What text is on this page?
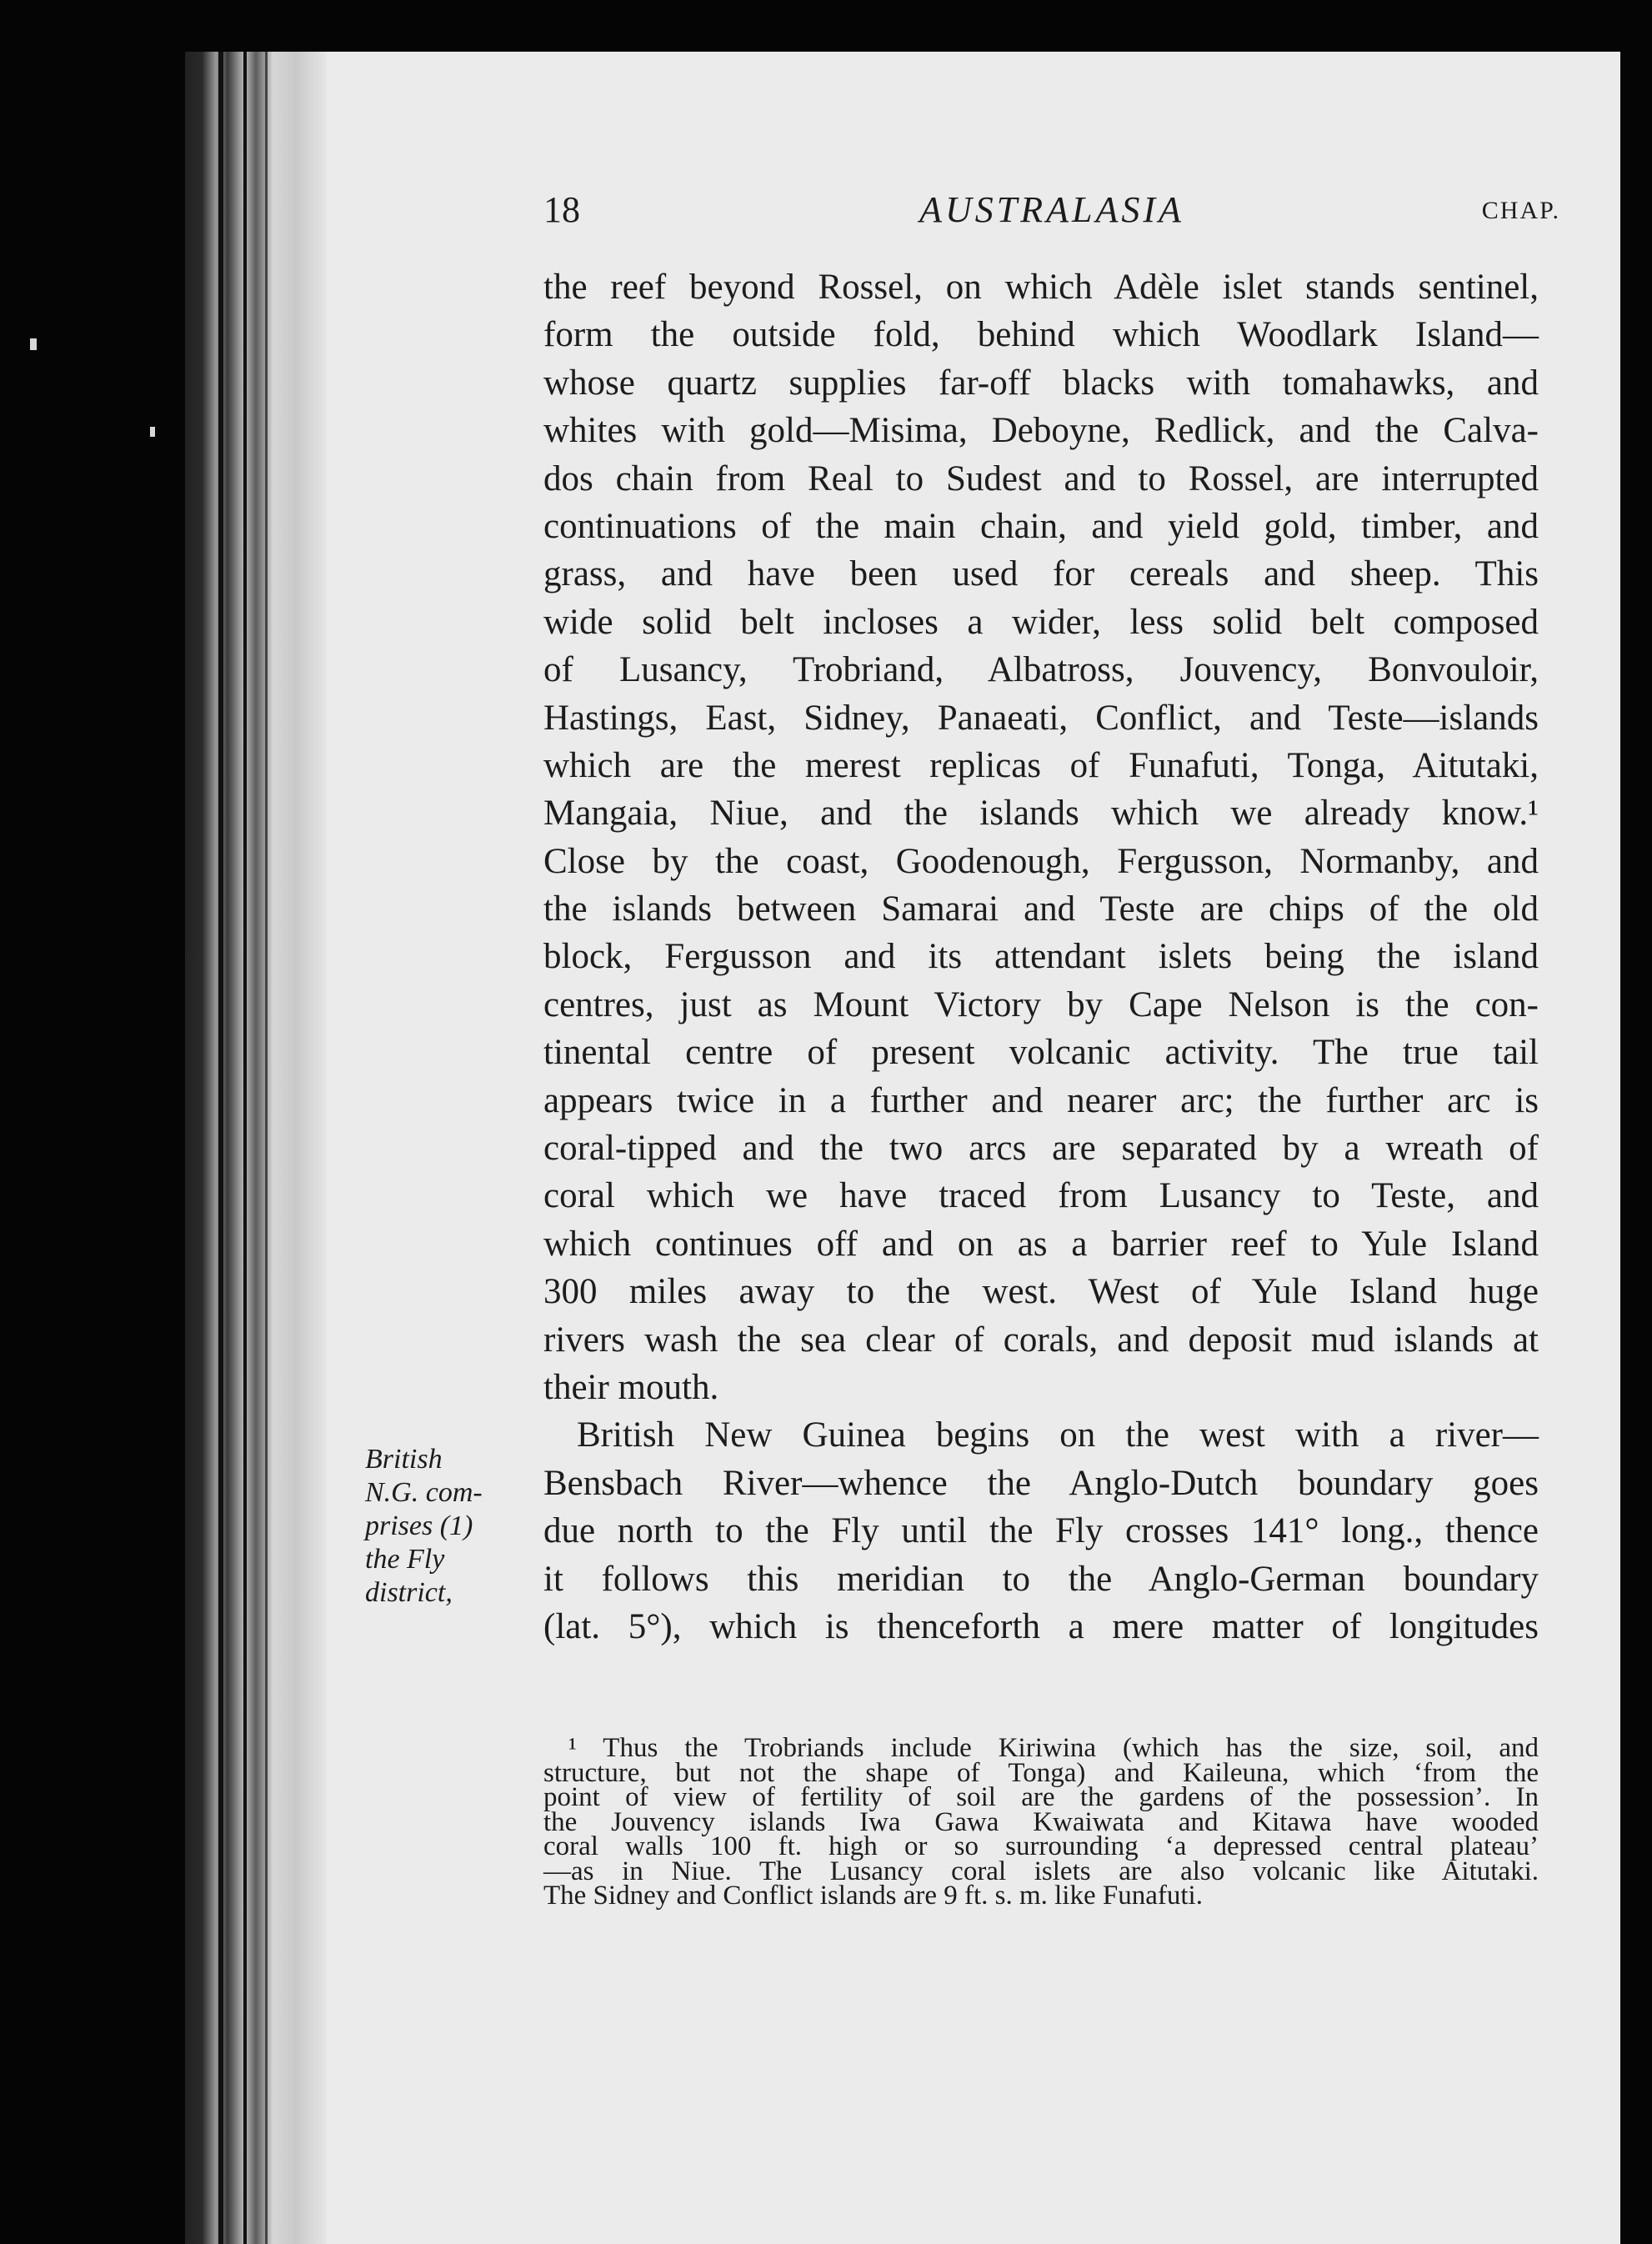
18	AUSTRALASIA	CHAP.
the reef beyond Rossel, on which Adèle islet stands sentinel,
form the outside fold, behind which Woodlark Island—
whose quartz supplies far-off blacks with tomahawks, and
whites with gold—Misima, Deboyne, Redlick, and the Calva-
dos chain from Real to Sudest and to Rossel, are interrupted
continuations of the main chain, and yield gold, timber, and
grass, and have been used for cereals and sheep. This
wide solid belt incloses a wider, less solid belt composed
of Lusancy, Trobriand, Albatross, Jouvency, Bonvouloir,
Hastings, East, Sidney, Panaeati, Conflict, and Teste—islands
which are the merest replicas of Funafuti, Tonga, Aitutaki,
Mangaia, Niue, and the islands which we already know.¹
Close by the coast, Goodenough, Fergusson, Normanby, and
the islands between Samarai and Teste are chips of the old
block, Fergusson and its attendant islets being the island
centres, just as Mount Victory by Cape Nelson is the con-
tinental centre of present volcanic activity. The true tail
appears twice in a further and nearer arc; the further arc is
coral-tipped and the two arcs are separated by a wreath of
coral which we have traced from Lusancy to Teste, and
which continues off and on as a barrier reef to Yule Island
300 miles away to the west. West of Yule Island huge
rivers wash the sea clear of corals, and deposit mud islands at
their mouth.
British New Guinea begins on the west with a river—
Bensbach River—whence the Anglo-Dutch boundary goes
due north to the Fly until the Fly crosses 141° long., thence
it follows this meridian to the Anglo-German boundary
(lat. 5°), which is thenceforth a mere matter of longitudes
British
N.G. com-
prises (1)
the Fly
district,
¹ Thus the Trobriands include Kiriwina (which has the size, soil, and
structure, but not the shape of Tonga) and Kaileuna, which ‘from the
point of view of fertility of soil are the gardens of the possession’. In
the Jouvency islands Iwa Gawa Kwaiwata and Kitawa have wooded
coral walls 100 ft. high or so surrounding ‘a depressed central plateau’
—as in Niue. The Lusancy coral islets are also volcanic like Aitutaki.
The Sidney and Conflict islands are 9 ft. s. m. like Funafuti.
